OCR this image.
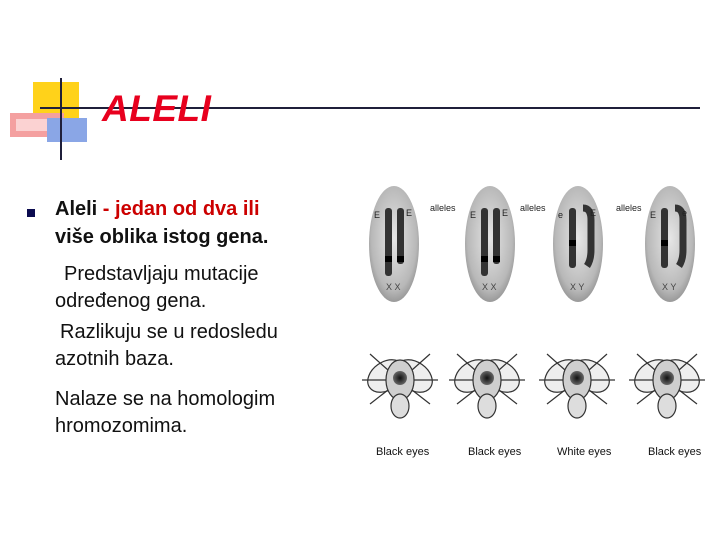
ALELI
Aleli - jedan od dva ili
više oblika istog gena.
Predstavljaju mutacije
određenog gena.
Razlikuju se u redosledu
azotnih baza.
Nalaze se na homologim
hromozomima.
E	E
X X
alleles
E	E
X X
alleles
e	E
X Y
alleles
E	e
X Y
Black eyes	Black eyes	White eyes	Black eyes
